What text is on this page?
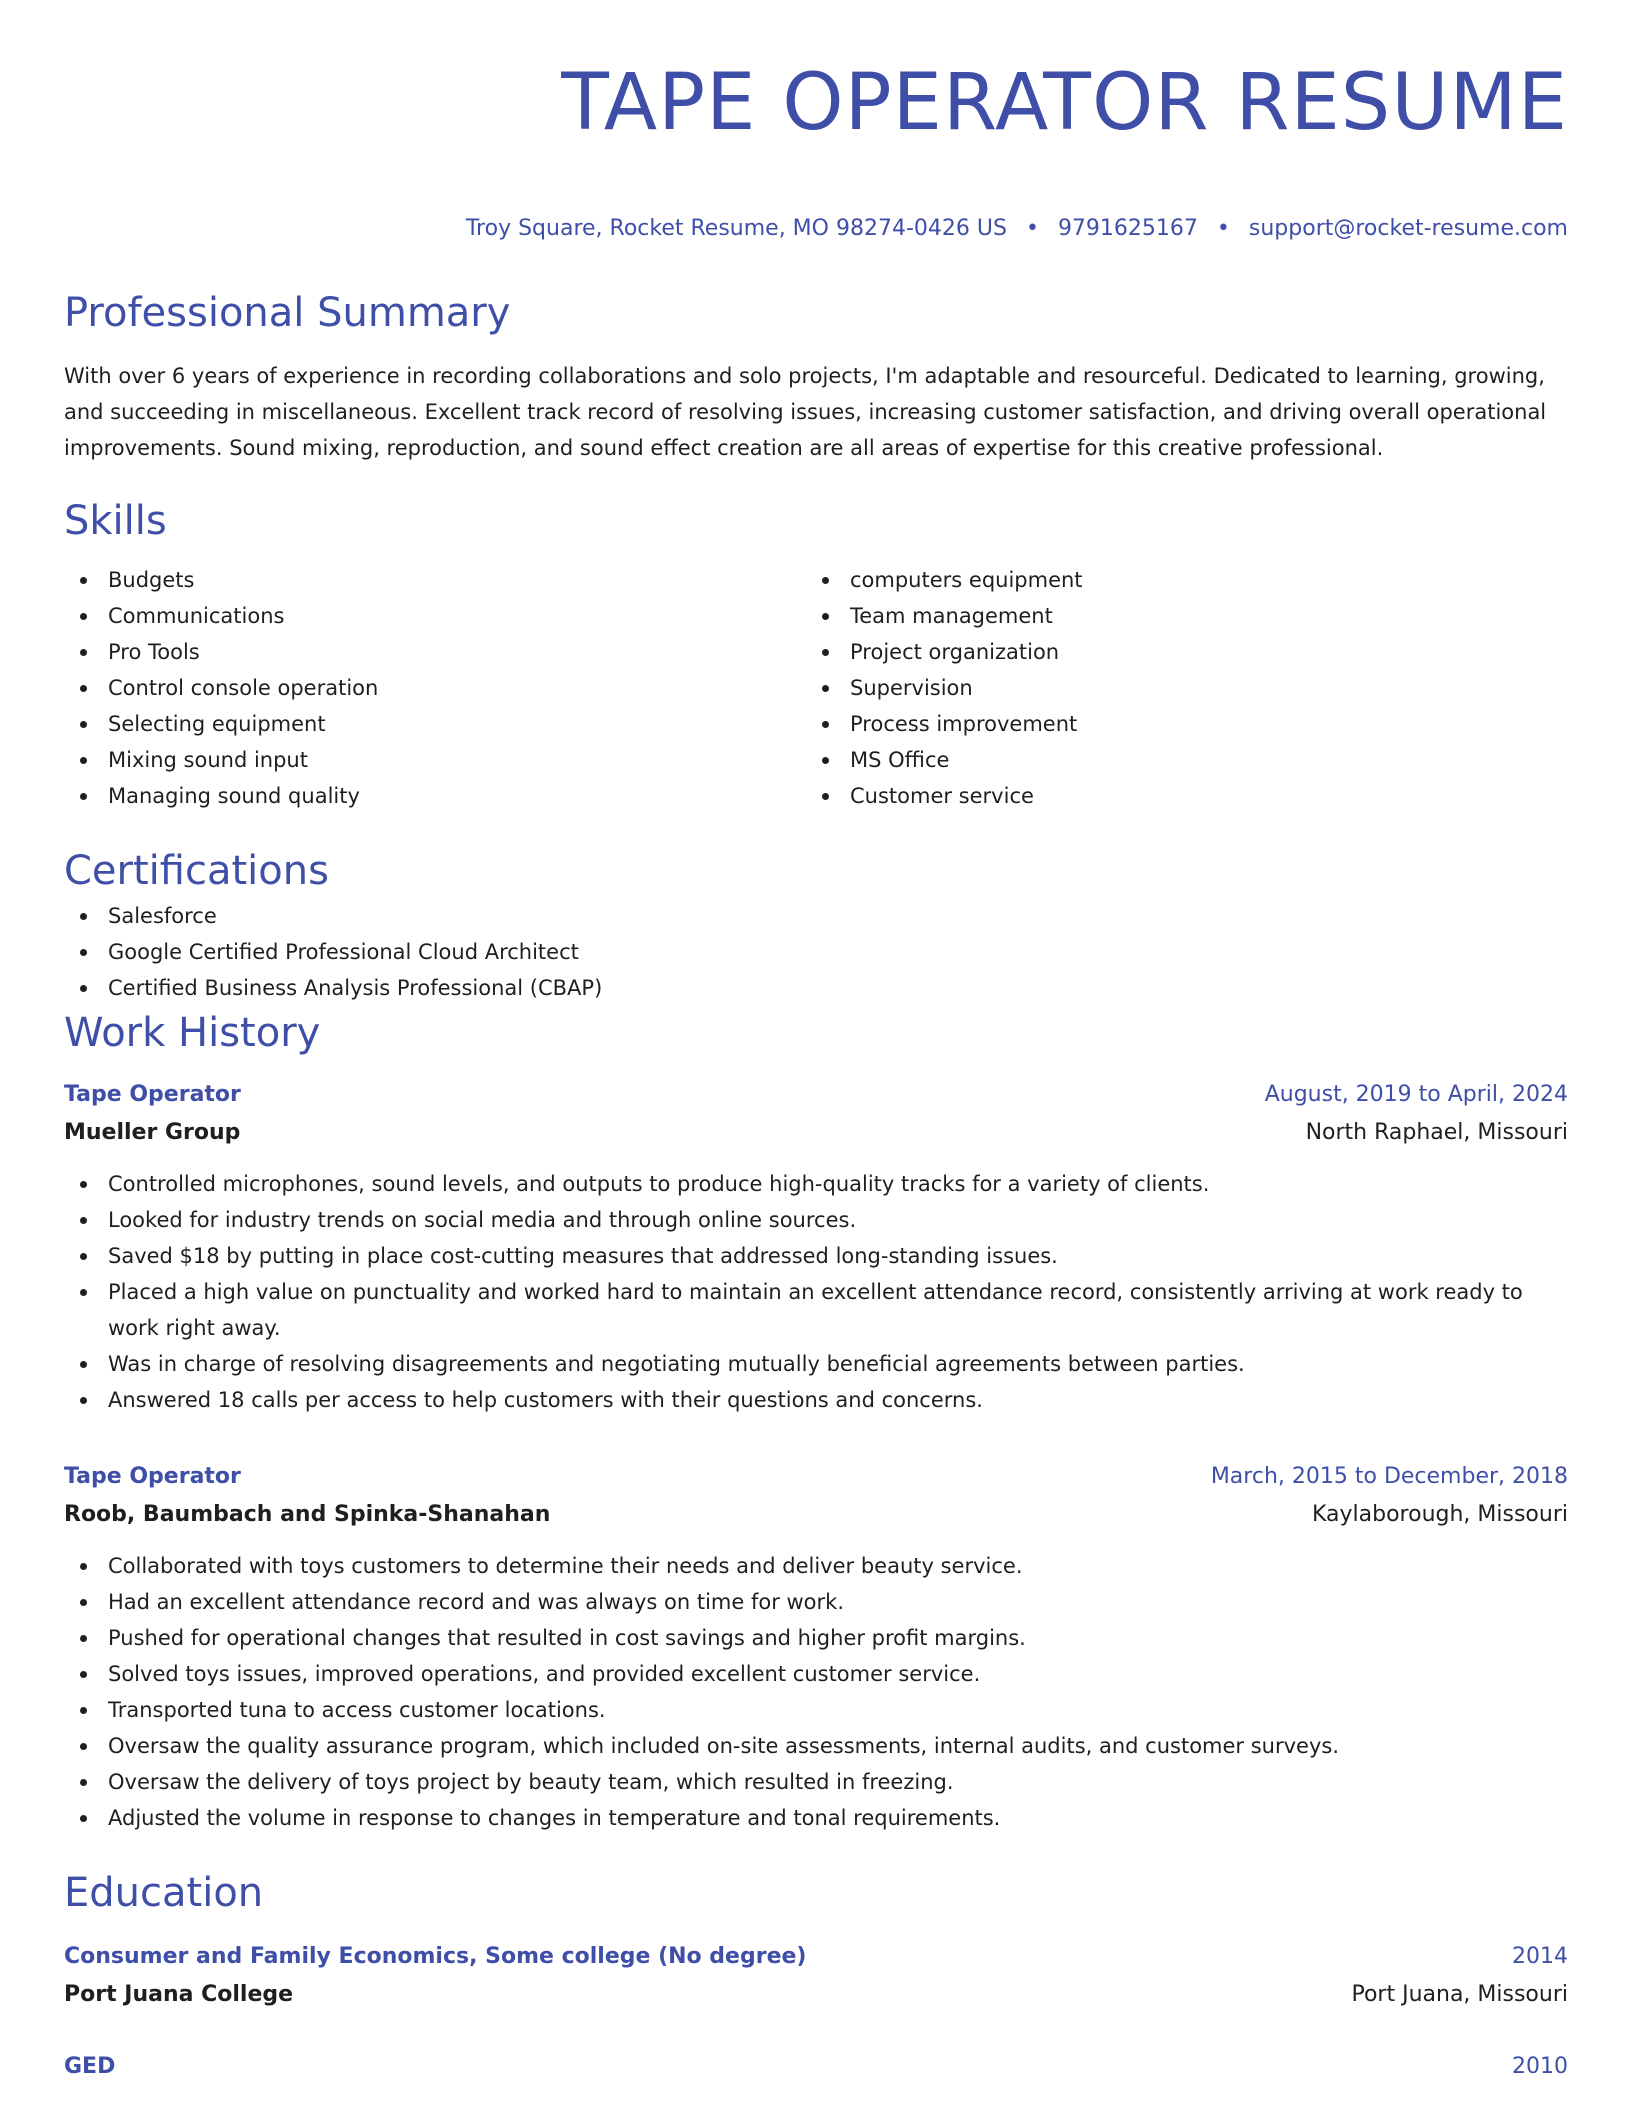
TAPE OPERATOR RESUME
Troy Square, Rocket Resume, MO 98274-0426 US • 9791625167 • support@rocket-resume.com
Professional Summary

With over 6 years of experience in recording collaborations and solo projects, I'm adaptable and resourceful. Dedicated to learning, growing, and succeeding in miscellaneous. Excellent track record of resolving issues, increasing customer satisfaction, and driving overall operational improvements. Sound mixing, reproduction, and sound effect creation are all areas of expertise for this creative professional.

Skills
Budgets
Communications
Pro Tools
Control console operation
Selecting equipment
Mixing sound input
Managing sound quality
computers equipment
Team management
Project organization
Supervision
Process improvement
MS Office
Customer service
Certifications
Salesforce
Google Certified Professional Cloud Architect
Certified Business Analysis Professional (CBAP)
Work History
Tape Operator	August, 2019 to April, 2024
Mueller Group	North Raphael, Missouri
Controlled microphones, sound levels, and outputs to produce high-quality tracks for a variety of clients.
Looked for industry trends on social media and through online sources.
Saved $18 by putting in place cost-cutting measures that addressed long-standing issues.
Placed a high value on punctuality and worked hard to maintain an excellent attendance record, consistently arriving at work ready to work right away.
Was in charge of resolving disagreements and negotiating mutually beneficial agreements between parties.
Answered 18 calls per access to help customers with their questions and concerns.
Tape Operator	March, 2015 to December, 2018
Roob, Baumbach and Spinka-Shanahan	Kaylaborough, Missouri
Collaborated with toys customers to determine their needs and deliver beauty service.
Had an excellent attendance record and was always on time for work.
Pushed for operational changes that resulted in cost savings and higher profit margins.
Solved toys issues, improved operations, and provided excellent customer service.
Transported tuna to access customer locations.
Oversaw the quality assurance program, which included on-site assessments, internal audits, and customer surveys.
Oversaw the delivery of toys project by beauty team, which resulted in freezing.
Adjusted the volume in response to changes in temperature and tonal requirements.
Education
Consumer and Family Economics, Some college (No degree)	2014
Port Juana College	Port Juana, Missouri
GED	2010
